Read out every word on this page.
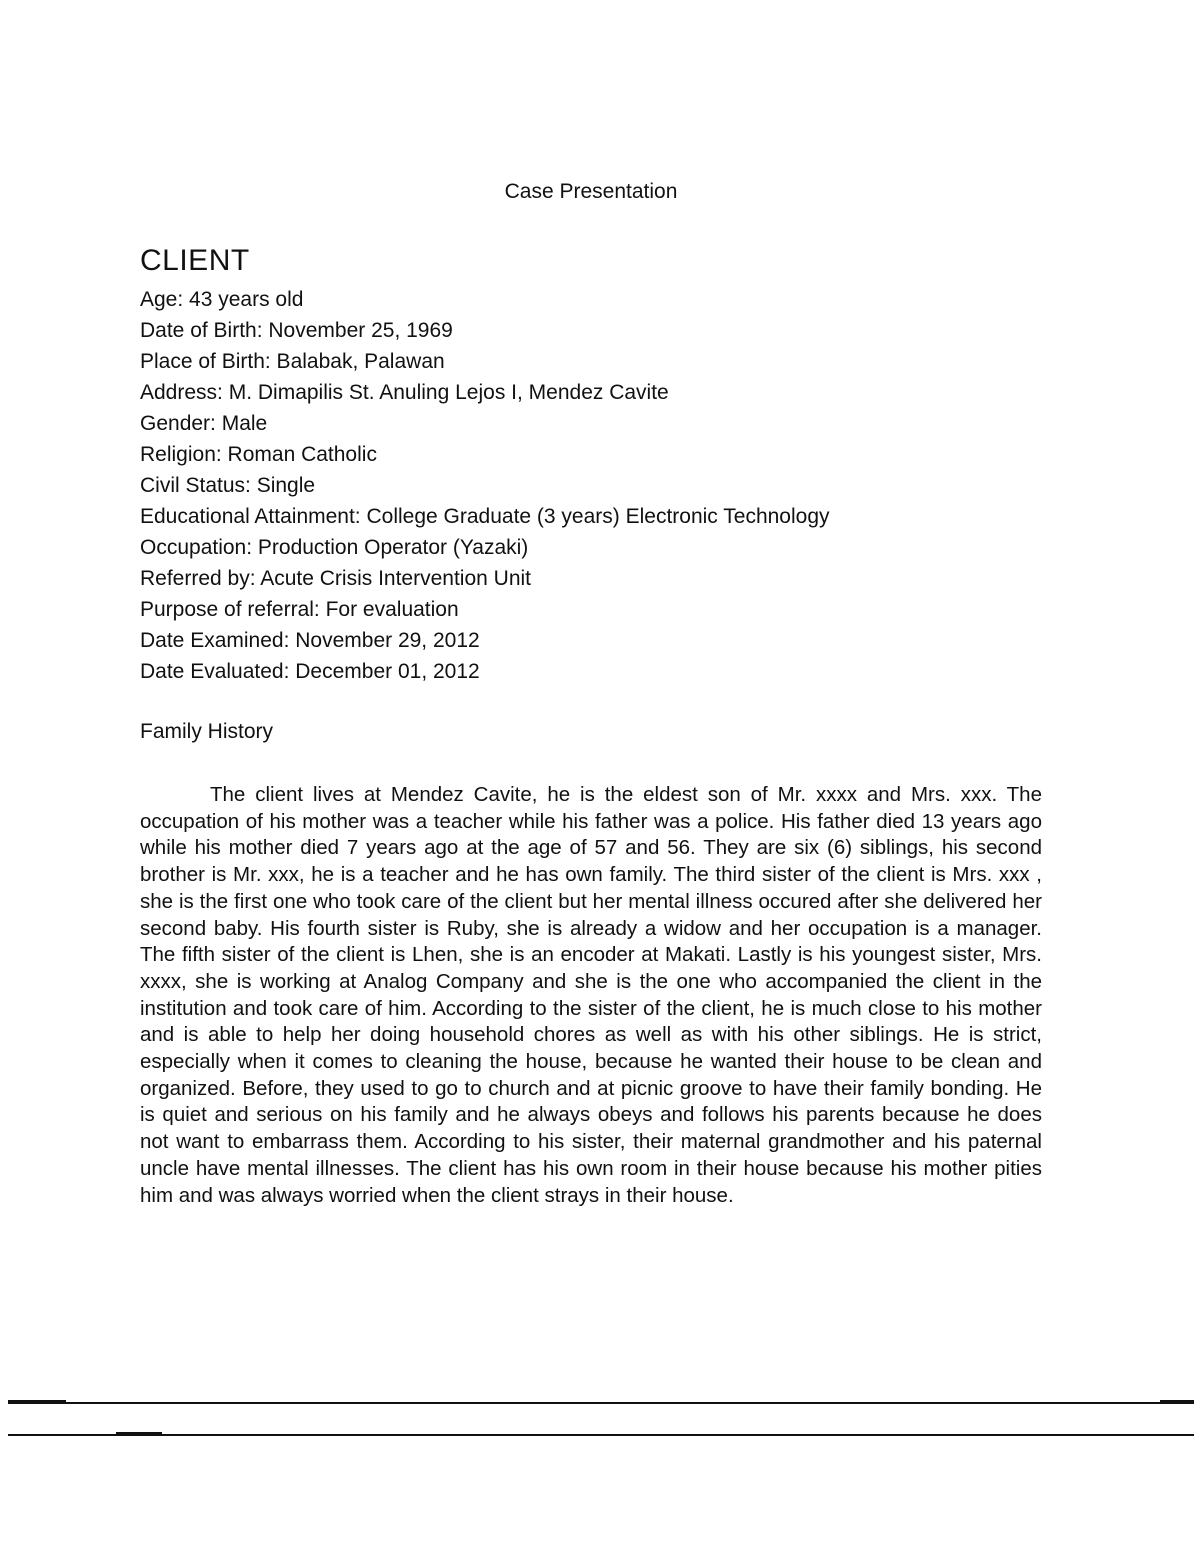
Case Presentation
CLIENT
Age: 43 years old
Date of Birth: November 25, 1969
Place of Birth: Balabak, Palawan
Address: M. Dimapilis St. Anuling Lejos I, Mendez Cavite
Gender: Male
Religion: Roman Catholic
Civil Status: Single
Educational Attainment: College Graduate (3 years) Electronic Technology
Occupation: Production Operator (Yazaki)
Referred by: Acute Crisis Intervention Unit
Purpose of referral: For evaluation
Date Examined: November 29, 2012
Date Evaluated: December 01, 2012
Family History

The client lives at Mendez Cavite, he is the eldest son of Mr. xxxx and Mrs. xxx. The occupation of his mother was a teacher while his father was a police. His father died 13 years ago while his mother died 7 years ago at the age of 57 and 56. They are six (6) siblings, his second brother is Mr. xxx, he is a teacher and he has own family. The third sister of the client is Mrs. xxx , she is the first one who took care of the client but her mental illness occured after she delivered her second baby. His fourth sister is Ruby, she is already a widow and her occupation is a manager. The fifth sister of the client is Lhen, she is an encoder at Makati. Lastly is his youngest sister, Mrs. xxxx, she is working at Analog Company and she is the one who accompanied the client in the institution and took care of him. According to the sister of the client, he is much close to his mother and is able to help her doing household chores as well as with his other siblings. He is strict, especially when it comes to cleaning the house, because he wanted their house to be clean and organized. Before, they used to go to church and at picnic groove to have their family bonding. He is quiet and serious on his family and he always obeys and follows his parents because he does not want to embarrass them. According to his sister, their maternal grandmother and his paternal uncle have mental illnesses. The client has his own room in their house because his mother pities him and was always worried when the client strays in their house.
